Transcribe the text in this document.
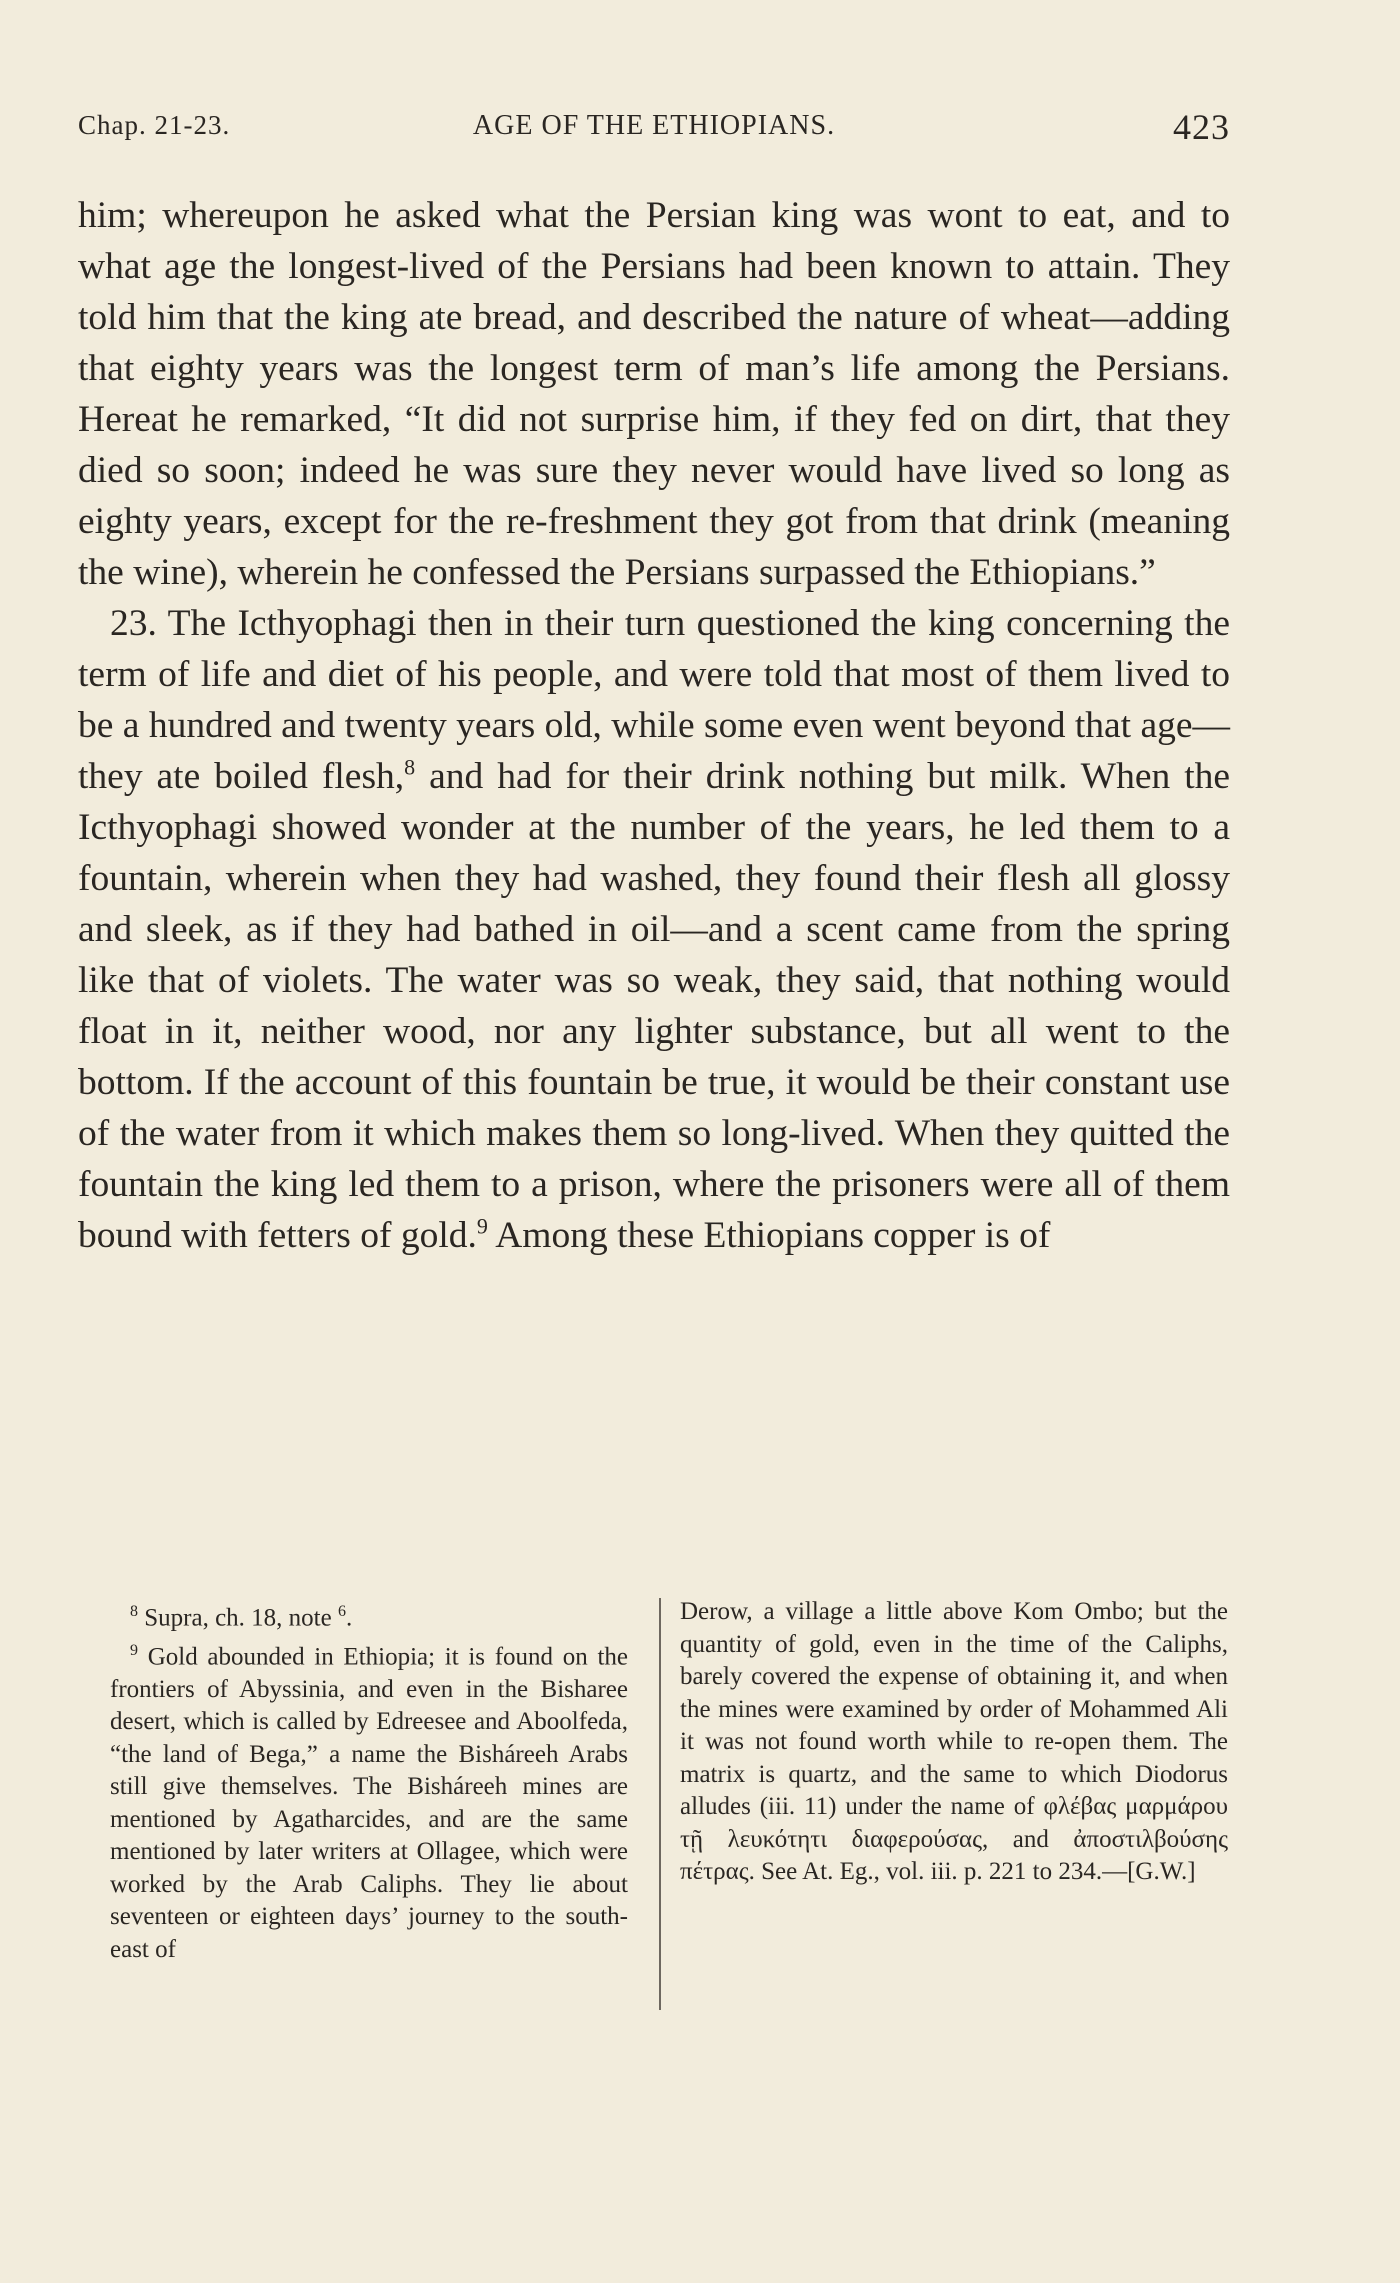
Chap. 21-23.	AGE OF THE ETHIOPIANS.	423

him; whereupon he asked what the Persian king was wont to eat, and to what age the longest-lived of the Persians had been known to attain. They told him that the king ate bread, and described the nature of wheat—adding that eighty years was the longest term of man’s life among the Persians. Hereat he remarked, “It did not surprise him, if they fed on dirt, that they died so soon; indeed he was sure they never would have lived so long as eighty years, except for the re-freshment they got from that drink (meaning the wine), wherein he confessed the Persians surpassed the Ethiopians.”

23. The Icthyophagi then in their turn questioned the king concerning the term of life and diet of his people, and were told that most of them lived to be a hundred and twenty years old, while some even went beyond that age—they ate boiled flesh,$^8$ and had for their drink nothing but milk. When the Icthyophagi showed wonder at the number of the years, he led them to a fountain, wherein when they had washed, they found their flesh all glossy and sleek, as if they had bathed in oil—and a scent came from the spring like that of violets. The water was so weak, they said, that nothing would float in it, neither wood, nor any lighter substance, but all went to the bottom. If the account of this fountain be true, it would be their constant use of the water from it which makes them so long-lived. When they quitted the fountain the king led them to a prison, where the prisoners were all of them bound with fetters of gold.$^9$ Among these Ethiopians copper is of

$^8$ Supra, ch. 18, note $^6$.

$^9$ Gold abounded in Ethiopia; it is found on the frontiers of Abyssinia, and even in the Bisharee desert, which is called by Edreesee and Aboolfeda, “the land of Bega,” a name the Bisháreeh Arabs still give themselves. The Bisháreeh mines are mentioned by Agatharcides, and are the same mentioned by later writers at Ollagee, which were worked by the Arab Caliphs. They lie about seventeen or eighteen days’ journey to the south-east of

Derow, a village a little above Kom Ombo; but the quantity of gold, even in the time of the Caliphs, barely covered the expense of obtaining it, and when the mines were examined by order of Mohammed Ali it was not found worth while to re-open them. The matrix is quartz, and the same to which Diodorus alludes (iii. 11) under the name of φλέβας μαρμάρου τῇ λευκότητι διαφερούσας, and ἀποστιλβούσης πέτρας. See At. Eg., vol. iii. p. 221 to 234.—[G.W.]
